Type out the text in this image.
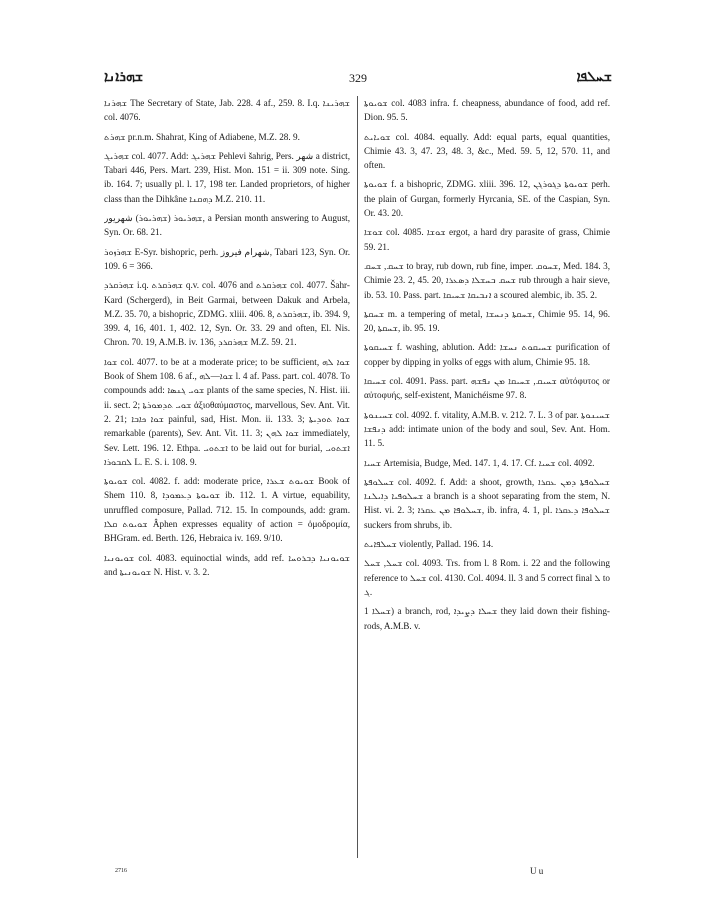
ܫܗܪܐܢܐ	329	ܫܚܠܦܐ

ܫܗܪܢܐ The Secretary of State, Jab. 228. 4 af., 259. 8. I.q. ܫܗܪܝܢܐ col. 4076.

ܫܗܪܬ pr.n.m. Shahrat, King of Adiabene, M.Z. 28. 9.

ܫܗܪܝܓ col. 4077. Add: ܫܗܪܝܓ Pehlevi šahrig, Pers. شهر a district, Tabari 446, Pers. Mart. 239, Hist. Mon. 151 = ii. 309 note. Sing. ib. 164. 7; usually pl. l. 17, 198 ter. Landed proprietors, of higher class than the Dihkâne ܕܗܩܢܐ M.Z. 210. 11.

ܫܗܪܝܘܪ (ܫܗܪܝܘܪ) شهريور, a Persian month answering to August, Syn. Or. 68. 21.

ܫܗܪܙܘܪ E-Syr. bishopric, perh. شهرام فيروز, Tabari 123, Syn. Or. 109. 6 = 366.

ܫܗܪܩܪܕ i.q. ܫܗܪܩܪܬ q.v. col. 4076 and ܫܗܪܩܪܬ col. 4077. Šahr-Kard (Schergerd), in Beit Garmai, between Dakuk and Arbela, M.Z. 35. 70, a bishopric, ZDMG. xliii. 406. 8, ܫܗܪܩܪܬ, ib. 394. 9, 399. 4, 16, 401. 1, 402. 12, Syn. Or. 33. 29 and often, El. Nis. Chron. 70. 19, A.M.B. iv. 136, ܫܗܪܩܪܕ M.Z. 59. 21.

ܫܘܐ col. 4077. to be at a moderate price; to be sufficient, ܫܘܐ ܠܗ Book of Shem 108. 6 af., ܫܘܐ—ܠܗ l. 4 af. Pass. part. col. 4078. To compounds add: ܫܘܝ ܓܢܣܐ plants of the same species, N. Hist. iii. ii. sect. 2; ܫܘܝ ܬܕܡܘܪܬܐ ἀξιοθαύμαστος, marvellous, Sev. Ant. Vit. 2. 21; ܫܘܐ ܟܐܒܐ painful, sad, Hist. Mon. ii. 133. 3; ܫܘܐ ܬܘܕܝܬܐ remarkable (parents), Sev. Ant. Vit. 11. 3; ܫܘܐ ܠܗܢ immediately, Sev. Lett. 196. 12. Ethpa. ܐܫܬܘܝ to be laid out for burial, ܐܫܬܘܝ ܠܩܒܘܪܐ L. E. S. i. 108. 9.

ܫܘܝܘܬܐ col. 4082. f. add: moderate price, ܫܘܝܘܬ ܫܥܪܐ Book of Shem 110. 8, ܫܘܝܘܬܐ ܕܥܡܘܕܐ ib. 112. 1. A virtue, equability, unruffled composure, Pallad. 712. 15. In compounds, add: gram. ܫܘܝܘܬ ܩܠܐ Âphen expresses equality of action = ὁμοδρομία, BHGram. ed. Berth. 126, Hebraica iv. 169. 9/10.

ܫܘܝܘܢܝܐ col. 4083. equinoctial winds, add ref. ܫܘܝܘܢܝܐ ܕܒܪܘܚܐ and ܫܘܝܘܢܝܬܐ N. Hist. v. 3. 2.

ܫܘܝܘܬܐ col. 4083 infra. f. cheapness, abundance of food, add ref. Dion. 95. 5.

ܫܘܝܐܝܬ col. 4084. equally. Add: equal parts, equal quantities, Chimie 43. 3, 47. 23, 48. 3, &c., Med. 59. 5, 12, 570. 11, and often.

ܫܘܝܘܬܐ f. a bishopric, ZDMG. xliii. 396. 12, ܫܘܝܘܬܐ ܕܓܘܪܓܢ perh. the plain of Gurgan, formerly Hyrcania, SE. of the Caspian, Syn. Or. 43. 20.

ܫܘܫܐ col. 4085. ܫܘܫܐ ergot, a hard dry parasite of grass, Chimie 59. 21.

ܫܚܩ, ܫܚܩ to bray, rub down, rub fine, imper. ܫܚܘܩ, Med. 184. 3, Chimie 23. 2, 45. 20, ܫܚܩ ܒܚܫܠܐ ܕܣܥܪܐ rub through a hair sieve, ib. 53. 10. Pass. part. ܐܢܒܝܩܐ ܫܚܝܩܐ a scoured alembic, ib. 35. 2.

ܫܚܩܬܐ m. a tempering of metal, ܫܚܩܬܐ ܕܢܚܫܐ, Chimie 95. 14, 96. 20, ܫܚܩܬܐ, ib. 95. 19.

ܫܚܝܩܘܬܐ f. washing, ablution. Add: ܫܚܝܩܘܬ ܢܚܫܐ purification of copper by dipping in yolks of eggs with alum, Chimie 95. 18.

ܫܚܝܩܐ col. 4091. Pass. part. ܫܚܝܩ, ܫܚܝܩܐ ܡܢ ܢܦܫܗ αὐτόφυτος or αὐτοφυής, self-existent, Manichéisme 97. 8.

ܫܚܝܢܘܬܐ col. 4092. f. vitality, A.M.B. v. 212. 7. L. 3 of par. ܫܚܝܢܘܬܐ ܕܢܦܫܐ add: intimate union of the body and soul, Sev. Ant. Hom. 11. 5.

ܫܚܝܐ Artemisia, Budge, Med. 147. 1, 4. 17. Cf. ܫܚܝܐ col. 4092.

ܫܚܠܘܦܬܐ col. 4092. f. Add: a shoot, growth, ܫܚܠܘܦܬܐ ܕܡܢ ܥܩܪܐ ܫܚܠܘܦܝܐ ܕܐܝܠܢܐ a branch is a shoot separating from the stem, N. Hist. vi. 2. 3; ܫܚܠܘܦܐ ܡܢ ܥܩܪܐ, ib. infra, 4. 1, pl. ܫܚܠܘܦܐ ܕܥܩܪܐ suckers from shrubs, ib.

ܫܚܠܦܐܝܬ violently, Pallad. 196. 14.

ܫܚܠ, ܫܚܠ col. 4093. Trs. from l. 8 Rom. i. 22 and the following reference to ܫܚܠ col. 4130. Col. 4094. ll. 3 and 5 correct final ܠ to ܓ.

ܫܚܠܐ 1) a branch, rod, ܫܚܠܐ ܕܨܝܕܐ they laid down their fishing-rods, A.M.B. v.

2716	U u
